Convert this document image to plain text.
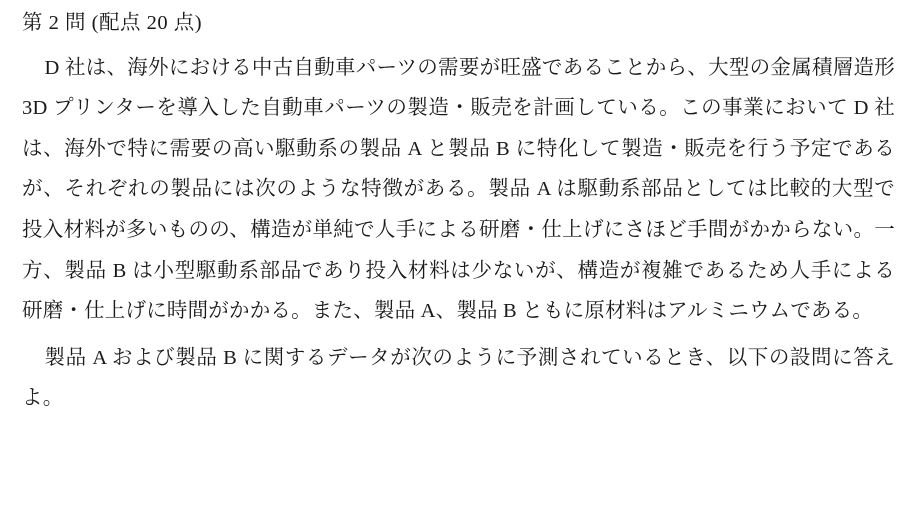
第 2 問 (配点 20 点)

D 社は、海外における中古自動車パーツの需要が旺盛であることから、大型の金属積層造形 3D プリンターを導入した自動車パーツの製造・販売を計画している。この事業において D 社は、海外で特に需要の高い駆動系の製品 A と製品 B に特化して製造・販売を行う予定であるが、それぞれの製品には次のような特徴がある。製品 A は駆動系部品としては比較的大型で投入材料が多いものの、構造が単純で人手による研磨・仕上げにさほど手間がかからない。一方、製品 B は小型駆動系部品であり投入材料は少ないが、構造が複雑であるため人手による研磨・仕上げに時間がかかる。また、製品 A、製品 B ともに原材料はアルミニウムである。

製品 A および製品 B に関するデータが次のように予測されているとき、以下の設問に答えよ。
